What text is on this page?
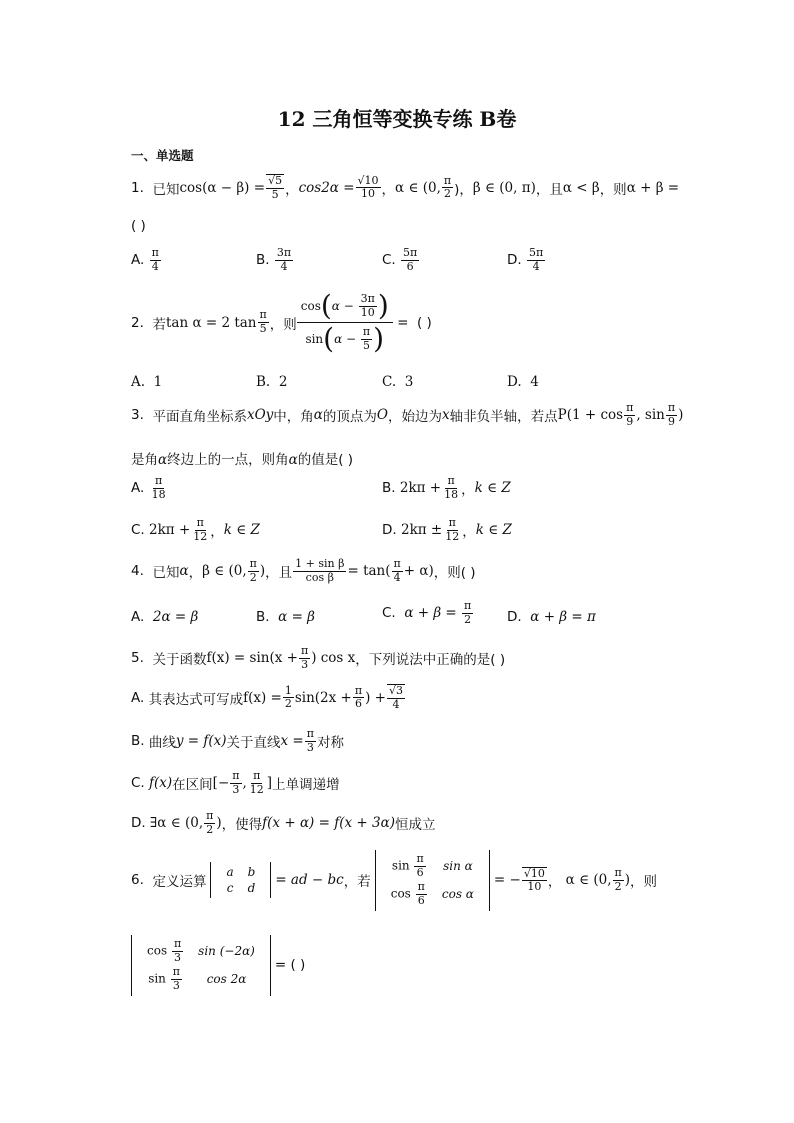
12 三角恒等变换专练 B卷
一、单选题
1.
已知 $\cos(\alpha - \beta) = \frac{√5}{5}$ ， $\cos 2\alpha = \frac{√10}{10}$ ， α ∈ (0, $\frac{\pi}{2}$ )， β ∈ (0, π) ，且 α < β ，则 α + β =
( )
A.
$\frac{\pi}{4}$	B.
$\frac{3\pi}{4}$	C.
$\frac{5\pi}{6}$	D.
$\frac{5\pi}{4}$
2.
若 tan α = 2 $\tan \frac{\pi}{5}$ ，则 cos ( α −
$\frac{3\pi}{10}$ )
sin ( α −
$\frac{\pi}{5}$ )
=
( )
A. 1	B. 2	C. 3	D. 4
3.
平面直角坐标系 xOy 中，角 α 的顶点为 O ，始边为 x 轴非负半轴，若点 $P(1 + \cos \frac{\pi}{9}$ , $\sin \frac{\pi}{9}$ )
是角α终边上的一点，则角α的值是( )
A.
$\frac{\pi}{18}$	B.
$2k\pi + \frac{\pi}{18}$ ， k ∈ Z
C.
$2k\pi + \frac{\pi}{12}$ ， k ∈ Z	D.
$2k\pi \pm \frac{\pi}{12}$ ， k ∈ Z
4.
已知 α ， β ∈ (0, $\frac{\pi}{2}$ ) ，且 $\frac{\text{1 + sin β}}{\text{cos β}} = \tan( \frac{\pi}{4} + \alpha)$ ，则( )
A. 2α = β	B. α = β	C.
α + β =
$\frac{\pi}{2} D$. α + β = π
5.
关于函数 $f(x) = \sin(x + \frac{\pi}{3}$ ) cos x ，下列说法中正确的是( )
A.
其表达式可写成 $f(x) = \frac{1}{2} \sin(2x + \frac{\pi}{6}$ ) + $\frac{√3}{4}$
B.
曲线 y = f(x) 关于直线 $x = \frac{\pi}{3}$ 对称
C.
f(x) 在区间 [− $\frac{\pi}{3}$ , $\frac{\pi}{12}$ ] 上单调递增
D.
∃α ∈ (0, $\frac{\pi}{2}$ ) ，使得 f(x + α) = f(x + 3α) 恒成立
6.
定义运算
a	b
c	d = ad − bc ，若
$\sin \frac{\pi}{6}$	sin α
$\cos \frac{\pi}{6}$	cos α
= − $\frac{√10}{10}$ ，
α ∈ (0, $\frac{\pi}{2}$ ) ，则
$\cos \frac{\pi}{3}$	sin (−2α)
$\sin \frac{\pi}{3}$	cos 2α
= ( )
